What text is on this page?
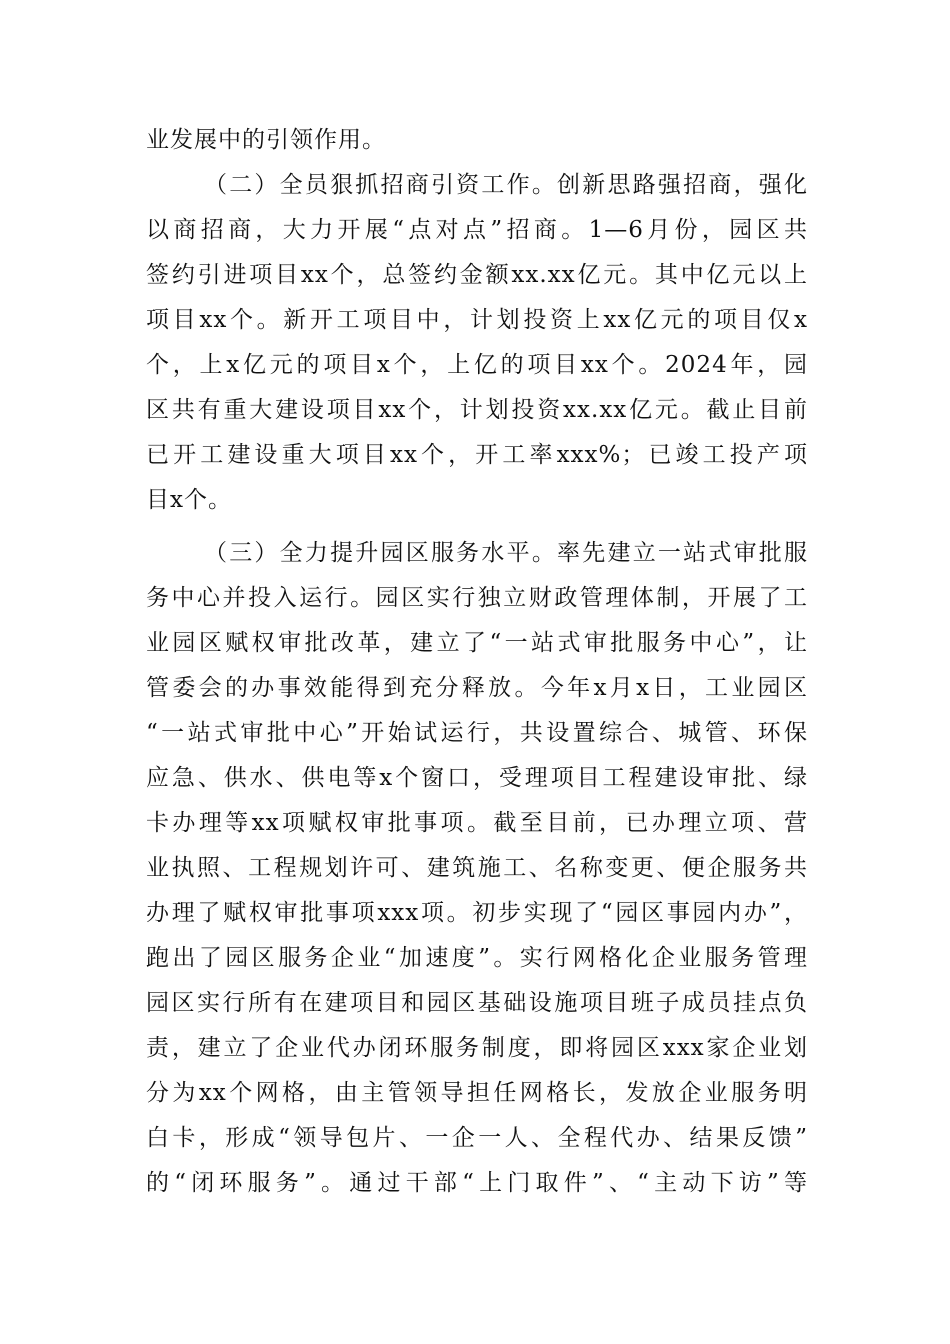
业发展中的引领作用。
（二）全员狠抓招商引资工作。创新思路强招商，强化
以商招商，大力开展“点对点”招商。1—6月份，园区共
签约引进项目xx个，总签约金额xx.xx亿元。其中亿元以上
项目xx个。新开工项目中，计划投资上xx亿元的项目仅x
个，上x亿元的项目x个，上亿的项目xx个。2024年，园
区共有重大建设项目xx个，计划投资xx.xx亿元。截止目前
已开工建设重大项目xx个，开工率xxx%；已竣工投产项
目x个。
（三）全力提升园区服务水平。率先建立一站式审批服
务中心并投入运行。园区实行独立财政管理体制，开展了工
业园区赋权审批改革，建立了“一站式审批服务中心”，让
管委会的办事效能得到充分释放。今年x月x日，工业园区
“一站式审批中心”开始试运行，共设置综合、城管、环保
应急、供水、供电等x个窗口，受理项目工程建设审批、绿
卡办理等xx项赋权审批事项。截至目前，已办理立项、营
业执照、工程规划许可、建筑施工、名称变更、便企服务共
办理了赋权审批事项xxx项。初步实现了“园区事园内办”，
跑出了园区服务企业“加速度”。实行网格化企业服务管理
园区实行所有在建项目和园区基础设施项目班子成员挂点负
责，建立了企业代办闭环服务制度，即将园区xxx家企业划
分为xx个网格，由主管领导担任网格长，发放企业服务明
白卡，形成“领导包片、一企一人、全程代办、结果反馈”
的“闭环服务”。通过干部“上门取件”、“主动下访”等
